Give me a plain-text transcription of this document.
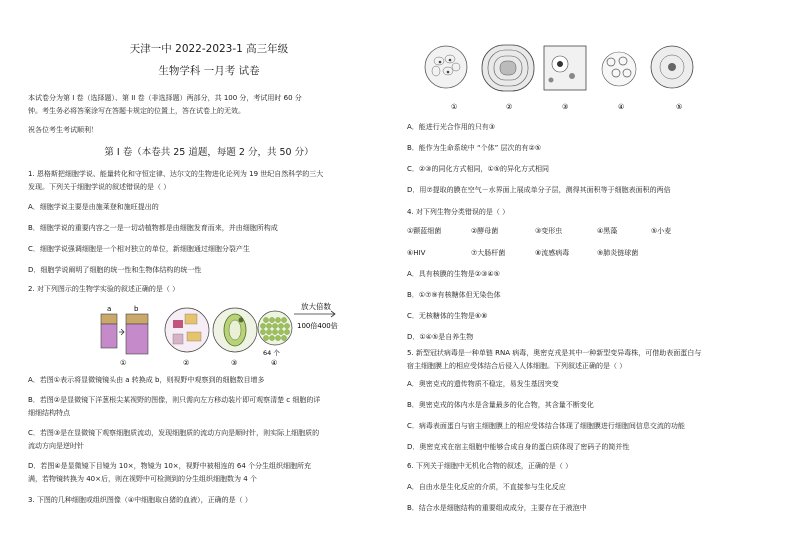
天津一中 2022-2023-1 高三年级
生物学科 一月考 试卷

本试卷分为第 I 卷（选择题）、第 II 卷（非选择题）两部分，共 100 分，考试用时 60 分

钟。考生务必将答案涂写在答题卡规定的位置上，答在试卷上的无效。

祝各位考生考试顺利！

第 I 卷（本卷共 25 道题，每题 2 分，共 50 分）

1. 恩格斯把细胞学说、能量转化和守恒定律、达尔文的生物进化论列为 19 世纪自然科学的三大

发现。下列关于细胞学说的叙述错误的是（ ）

A．细胞学说主要是由施莱登和施旺提出的

B．细胞学说的重要内容之一是一切动植物都是由细胞发育而来，并由细胞所构成

C．细胞学说强调细胞是一个相对独立的单位，新细胞通过细胞分裂产生

D．细胞学说阐明了细胞的统一性和生物体结构的统一性

2. 对下列图示的生物学实验的叙述正确的是（ ）

a	b
①	②	③
64 个
④
放大倍数
100倍400倍

A．若图①表示将显微镜镜头由 a 转换成 b，则视野中观察到的细胞数目增多

B．若图②是显微镜下洋葱根尖某视野的图像，则只需向左方移动装片即可观察清楚 c 细胞的详

细细结构特点

C．若图③是在显微镜下观察细胞质流动，发现细胞质的流动方向是顺时针，则实际上细胞质的

流动方向是逆时针

D．若图④是显微镜下目镜为 10×，物镜为 10×，视野中被相连的 64 个分生组织细胞所充

满，若物镜转换为 40×后，则在视野中可检测到的分生组织细胞数为 4 个

3. 下图的几种细胞或组织图像（④中细胞取自猪的血液），正确的是（ ）

①	②	③	④	⑤

A．能进行光合作用的只有③

B．能作为生命系统中 “个体” 层次的有②⑤

C．②③的同化方式相同，①⑤的异化方式相同

D．用⑦提取的膜在空气－水界面上展成单分子层，测得其面积等于细胞表面积的两倍

4. 对下列生物分类错误的是（ ）

①颤蓝细菌	②酵母菌	③变形虫	④黑藻	⑤小麦
⑥HIV	⑦大肠杆菌	⑧流感病毒	⑨肺炎链球菌

A．具有核膜的生物是②③④⑤

B．①⑦⑨有核糖体但无染色体

C．无核糖体的生物是⑥⑧

D．①④⑤是自养生物

5. 新型冠状病毒是一种单链 RNA 病毒，奥密克戎是其中一种新型变异毒株，可借助表面蛋白与

宿主细胞膜上的相应受体结合后侵入人体细胞。下列叙述正确的是（ ）

A．奥密克戎的遗传物质不稳定，易发生基因突变

B．奥密克戎的体内水是含量最多的化合物，其含量不断变化

C．病毒表面蛋白与宿主细胞膜上的相应受体结合体现了细胞膜进行细胞间信息交流的功能

D．奥密克戎在宿主细胞中能够合成自身的蛋白质体现了密码子的简并性

6. 下列关于细胞中无机化合物的叙述，正确的是（ ）

A．自由水是生化反应的介质，不直接参与生化反应

B．结合水是细胞结构的重要组成成分，主要存在于液泡中
